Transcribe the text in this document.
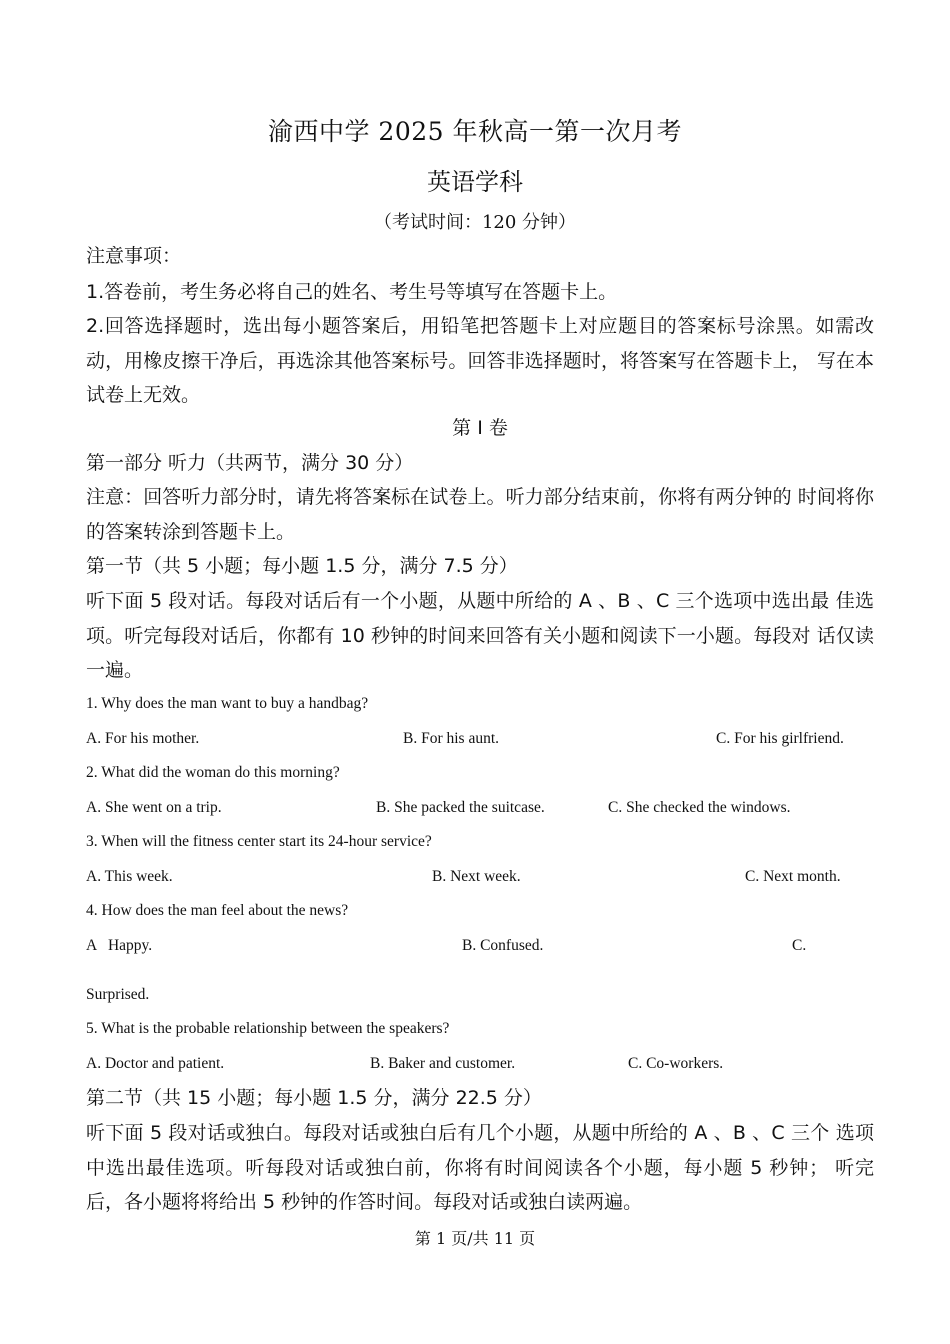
渝西中学 2025 年秋高一第一次月考
英语学科
（考试时间：120 分钟）
注意事项：
1.答卷前，考生务必将自己的姓名、考生号等填写在答题卡上。
2.回答选择题时，选出每小题答案后，用铅笔把答题卡上对应题目的答案标号涂黑。如需改动，用橡皮擦干净后，再选涂其他答案标号。回答非选择题时，将答案写在答题卡上， 写在本试卷上无效。
第 I 卷
第一部分 听力（共两节，满分 30 分）
注意：回答听力部分时，请先将答案标在试卷上。听力部分结束前，你将有两分钟的 时间将你的答案转涂到答题卡上。
第一节（共 5 小题；每小题 1.5 分，满分 7.5 分）
听下面 5 段对话。每段对话后有一个小题，从题中所给的 A 、B 、C 三个选项中选出最 佳选项。听完每段对话后，你都有 10 秒钟的时间来回答有关小题和阅读下一小题。每段对 话仅读一遍。
1. Why does the man want to buy a handbag?
A. For his mother.	B. For his aunt.	C. For his girlfriend.
2. What did the woman do this morning?
A. She went on a trip.	B. She packed the suitcase.	C. She checked the windows.
3. When will the fitness center start its 24-hour service?
A. This week.	B. Next week.	C. Next month.
4. How does the man feel about the news?
A   Happy.	B. Confused.	C.
Surprised.
5. What is the probable relationship between the speakers?
A. Doctor and patient.	B. Baker and customer.	C. Co-workers.
第二节（共 15 小题；每小题 1.5 分，满分 22.5 分）
听下面 5 段对话或独白。每段对话或独白后有几个小题，从题中所给的 A 、B 、C 三个 选项中选出最佳选项。听每段对话或独白前，你将有时间阅读各个小题，每小题 5 秒钟； 听完后，各小题将将给出 5 秒钟的作答时间。每段对话或独白读两遍。
第 1 页/共 11 页
